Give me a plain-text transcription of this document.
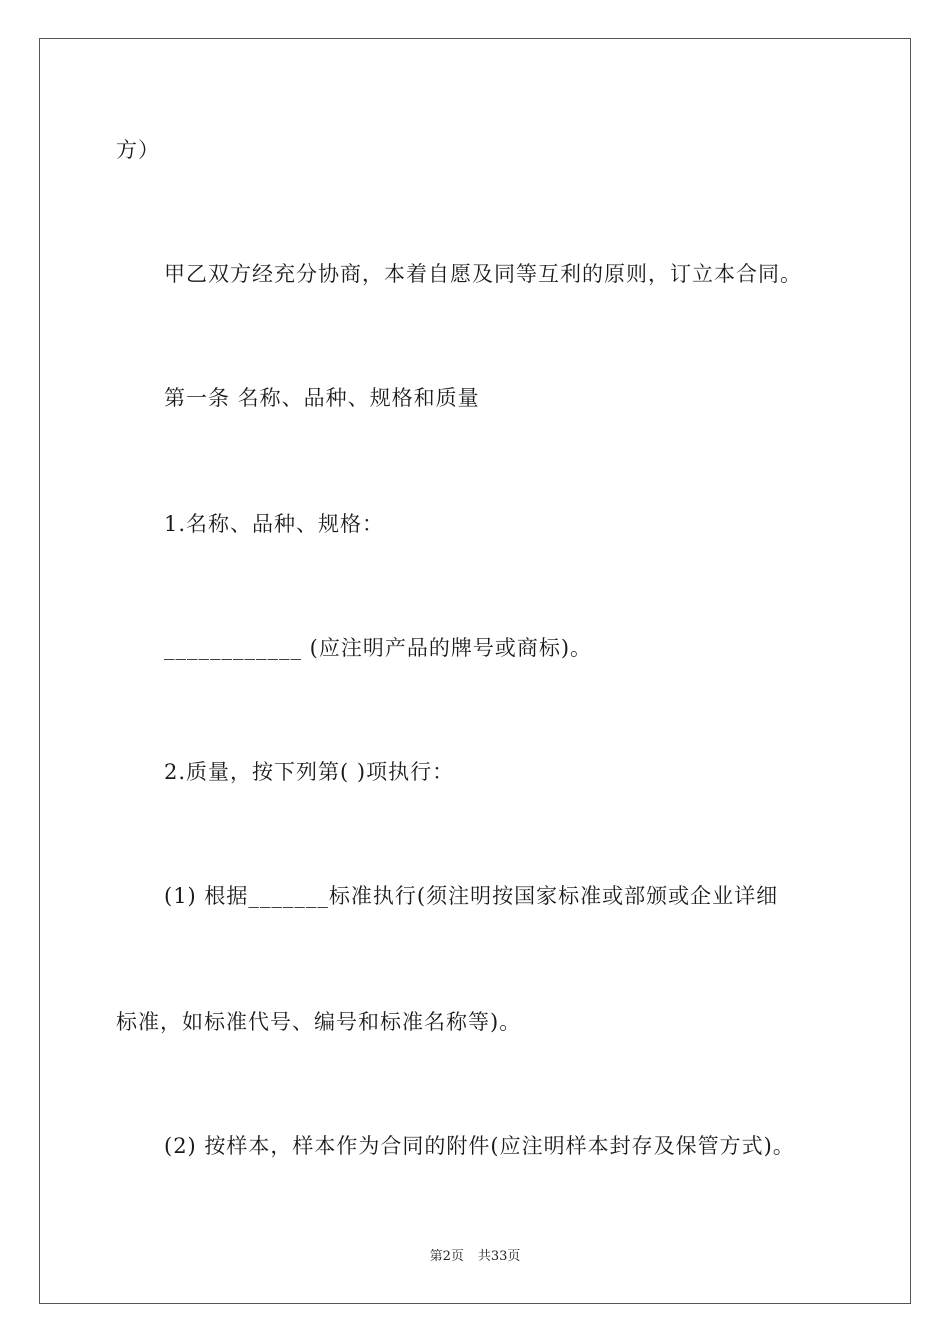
方）
甲乙双方经充分协商，本着自愿及同等互利的原则，订立本合同。
第一条 名称、品种、规格和质量
1.名称、品种、规格：
____________ (应注明产品的牌号或商标)。
2.质量，按下列第( )项执行：
(1) 根据_______标准执行(须注明按国家标准或部颁或企业详细
标准，如标准代号、编号和标准名称等)。
(2) 按样本，样本作为合同的附件(应注明样本封存及保管方式)。
第2页 共33页
